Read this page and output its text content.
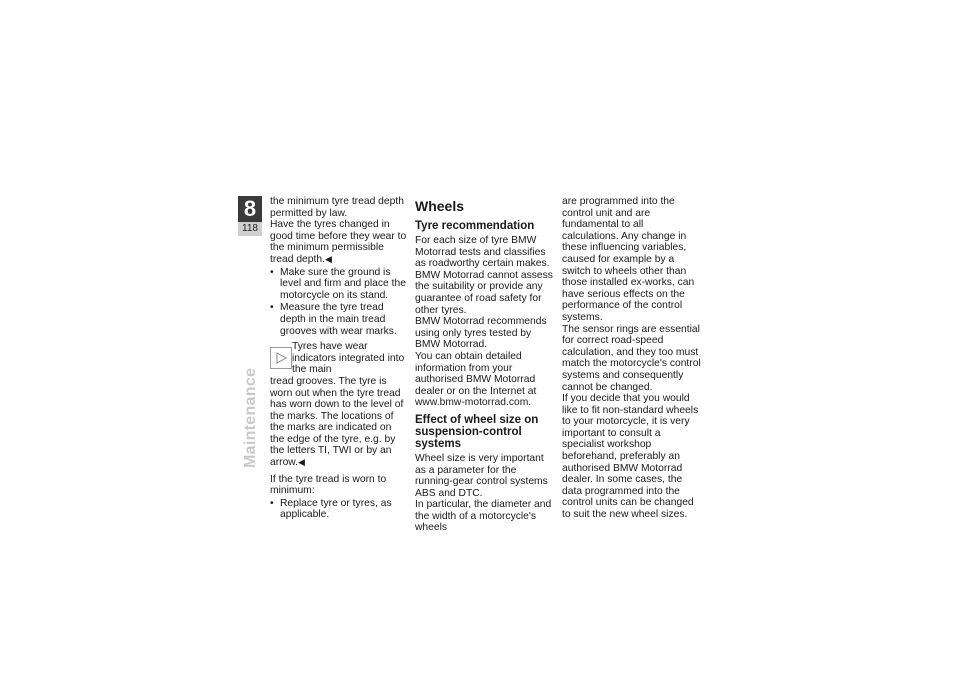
8
118
Maintenance

the minimum tyre tread depth permitted by law.

Have the tyres changed in good time before they wear to the minimum permissible tread depth.◀

• Make sure the ground is level and firm and place the motorcycle on its stand.
• Measure the tyre tread depth in the main tread grooves with wear marks.

Tyres have wear indicators integrated into the main

tread grooves. The tyre is worn out when the tyre tread has worn down to the level of the marks. The locations of the marks are indicated on the edge of the tyre, e.g. by the letters TI, TWI or by an arrow.◀

If the tyre tread is worn to minimum:

• Replace tyre or tyres, as applicable.
Wheels
Tyre recommendation

For each size of tyre BMW Motorrad tests and classifies as roadworthy certain makes. BMW Motorrad cannot assess the suitability or provide any guarantee of road safety for other tyres.

BMW Motorrad recommends using only tyres tested by BMW Motorrad.

You can obtain detailed information from your authorised BMW Motorrad dealer or on the Internet at www.bmw-motorrad.com.

Effect of wheel size on suspension-control systems

Wheel size is very important as a parameter for the running-gear control systems ABS and DTC.

In particular, the diameter and the width of a motorcycle's wheels

are programmed into the control unit and are fundamental to all calculations. Any change in these influencing variables, caused for example by a switch to wheels other than those installed ex-works, can have serious effects on the performance of the control systems.

The sensor rings are essential for correct road-speed calculation, and they too must match the motorcycle's control systems and consequently cannot be changed.

If you decide that you would like to fit non-standard wheels to your motorcycle, it is very important to consult a specialist workshop beforehand, preferably an authorised BMW Motorrad dealer. In some cases, the data programmed into the control units can be changed to suit the new wheel sizes.
